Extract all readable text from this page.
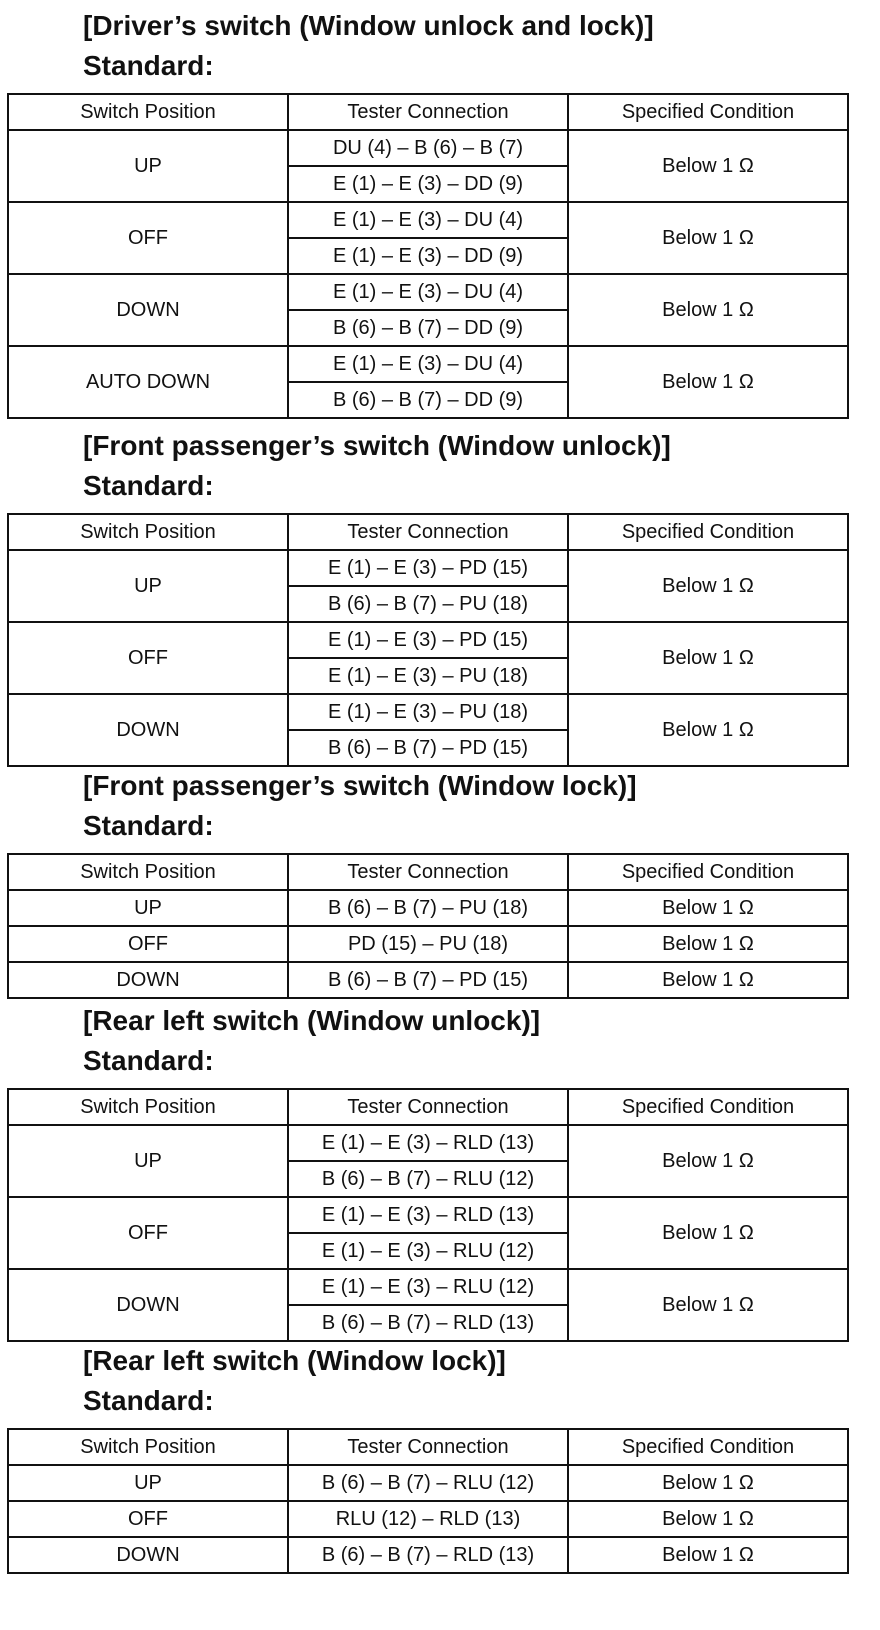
[Driver’s switch (Window unlock and lock)]
Standard:
Switch Position	Tester Connection	Specified Condition
UP	DU (4) – B (6) – B (7)	Below 1 Ω
	E (1) – E (3) – DD (9)	
OFF	E (1) – E (3) – DU (4)	Below 1 Ω
	E (1) – E (3) – DD (9)	
DOWN	E (1) – E (3) – DU (4)	Below 1 Ω
	B (6) – B (7) – DD (9)	
AUTO DOWN	E (1) – E (3) – DU (4)	Below 1 Ω
	B (6) – B (7) – DD (9)	
[Front passenger’s switch (Window unlock)]
Standard:
Switch Position	Tester Connection	Specified Condition
UP	E (1) – E (3) – PD (15)	Below 1 Ω
	B (6) – B (7) – PU (18)	
OFF	E (1) – E (3) – PD (15)	Below 1 Ω
	E (1) – E (3) – PU (18)	
DOWN	E (1) – E (3) – PU (18)	Below 1 Ω
	B (6) – B (7) – PD (15)	
[Front passenger’s switch (Window lock)]
Standard:
Switch Position	Tester Connection	Specified Condition
UP	B (6) – B (7) – PU (18)	Below 1 Ω
OFF	PD (15) – PU (18)	Below 1 Ω
DOWN	B (6) – B (7) – PD (15)	Below 1 Ω
[Rear left switch (Window unlock)]
Standard:
Switch Position	Tester Connection	Specified Condition
UP	E (1) – E (3) – RLD (13)	Below 1 Ω
	B (6) – B (7) – RLU (12)	
OFF	E (1) – E (3) – RLD (13)	Below 1 Ω
	E (1) – E (3) – RLU (12)	
DOWN	E (1) – E (3) – RLU (12)	Below 1 Ω
	B (6) – B (7) – RLD (13)	
[Rear left switch (Window lock)]
Standard:
Switch Position	Tester Connection	Specified Condition
UP	B (6) – B (7) – RLU (12)	Below 1 Ω
OFF	RLU (12) – RLD (13)	Below 1 Ω
DOWN	B (6) – B (7) – RLD (13)	Below 1 Ω
